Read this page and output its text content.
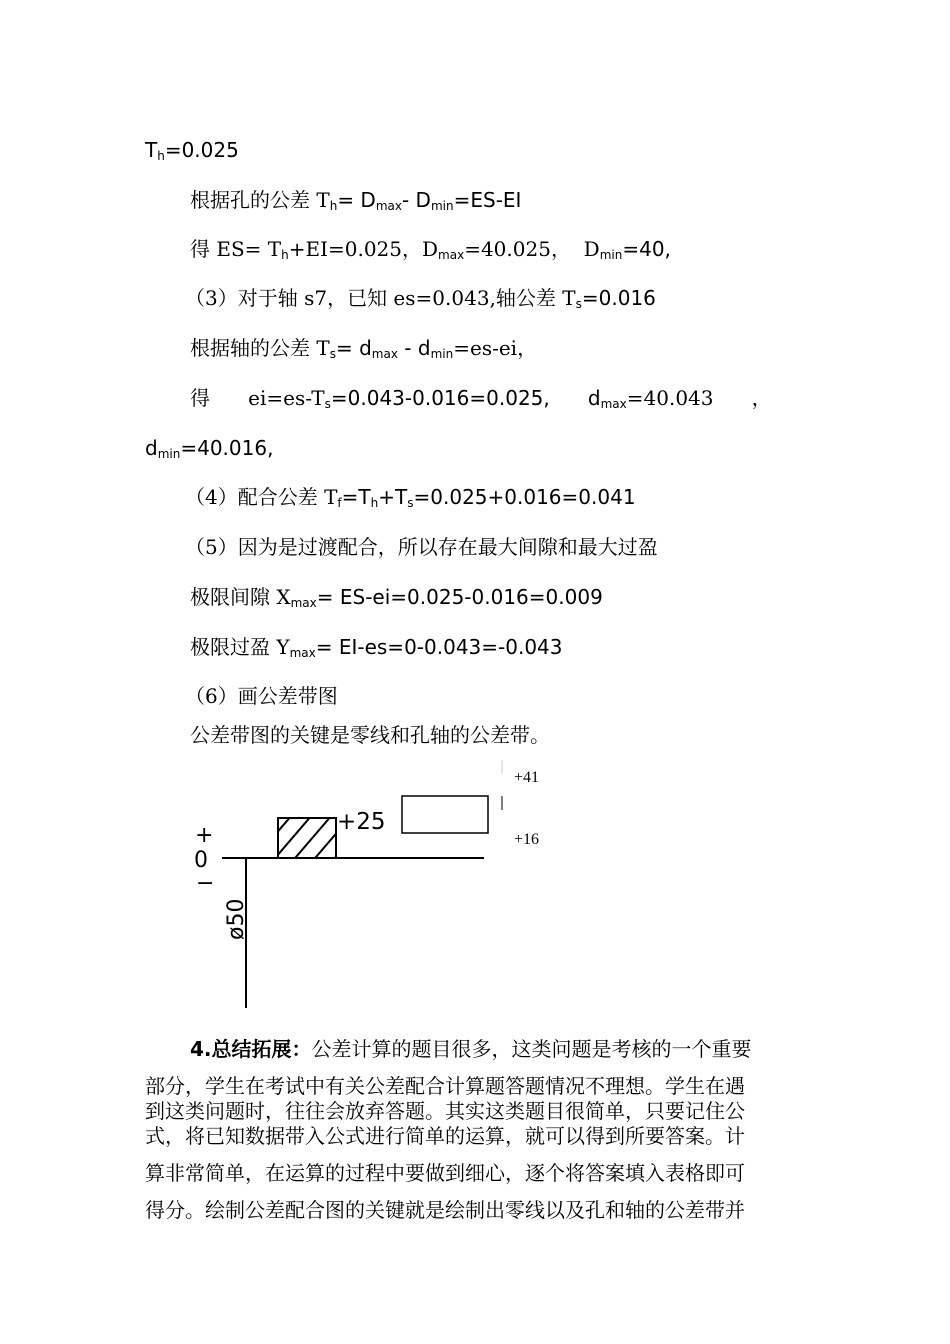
$T_h=0.025$
根据孔的公差 $T_h= D_{max}-$ $D_{min}=ES-EI$
得 $ES= T_h+EI=0.025$，$D_{max}=40.025$，  $D_{min}=40$,
（3）对于轴 s7，已知 es=0.043,轴公差 $T_s=0.016$
根据轴的公差 $T_s= d_{max} - d_{min}=es-ei$，
得      $ei=es-T_s=0.043-0.016=0.025$,      $d_{max}=40.043$      ，
$d_{min}=40.016$,
（4）配合公差 $T_f=T_h+T_s=0.025+0.016=0.041$
（5）因为是过渡配合，所以存在最大间隙和最大过盈
极限间隙 $X_{max}= ES-ei=0.025-0.016=0.009$
极限过盈 $Y_{max}= EI-es=0-0.043=-0.043$
（6）画公差带图
公差带图的关键是零线和孔轴的公差带。
+
0
−
ø50
+25
+41
+16
4.总结拓展：公差计算的题目很多，这类问题是考核的一个重要
部分，学生在考试中有关公差配合计算题答题情况不理想。学生在遇
到这类问题时，往往会放弃答题。其实这类题目很简单，只要记住公
式，将已知数据带入公式进行简单的运算，就可以得到所要答案。计
算非常简单，在运算的过程中要做到细心，逐个将答案填入表格即可
得分。绘制公差配合图的关键就是绘制出零线以及孔和轴的公差带并
